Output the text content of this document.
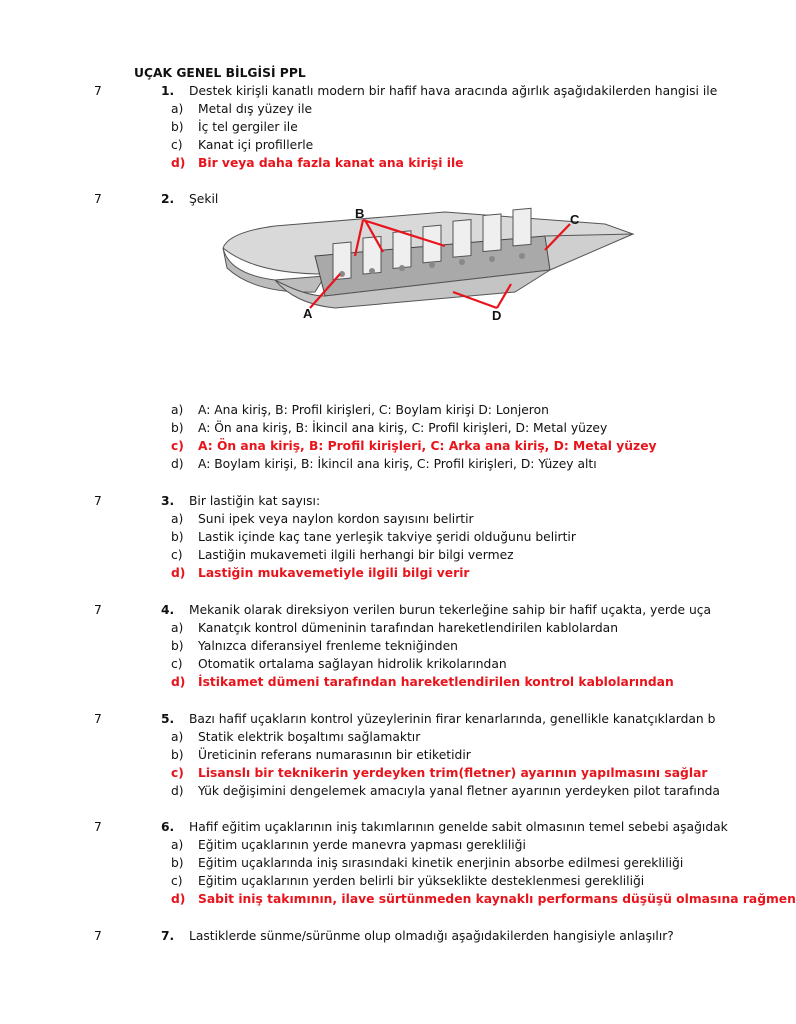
UÇAK GENEL BİLGİSİ PPL
7	1. Destek kirişli kanatlı modern bir hafif hava aracında ağırlık aşağıdakilerden hangisi ile
a) Metal dış yüzey ile
b) İç tel gergiler ile
c) Kanat içi profillerle
d) Bir veya daha fazla kanat ana kirişi ile
7	2. Şekil
B	C
A	D
a) A: Ana kiriş, B: Profil kirişleri, C: Boylam kirişi D: Lonjeron
b) A: Ön ana kiriş, B: İkincil ana kiriş, C: Profil kirişleri, D: Metal yüzey
c) A: Ön ana kiriş, B: Profil kirişleri, C: Arka ana kiriş, D: Metal yüzey
d) A: Boylam kirişi, B: İkincil ana kiriş, C: Profil kirişleri, D: Yüzey altı
7	3. Bir lastiğin kat sayısı:
a) Suni ipek veya naylon kordon sayısını belirtir
b) Lastik içinde kaç tane yerleşik takviye şeridi olduğunu belirtir
c) Lastiğin mukavemeti ilgili herhangi bir bilgi vermez
d) Lastiğin mukavemetiyle ilgili bilgi verir
7	4. Mekanik olarak direksiyon verilen burun tekerleğine sahip bir hafif uçakta, yerde uça
a) Kanatçık kontrol dümeninin tarafından hareketlendirilen kablolardan
b) Yalnızca diferansiyel frenleme tekniğinden
c) Otomatik ortalama sağlayan hidrolik krikolarından
d) İstikamet dümeni tarafından hareketlendirilen kontrol kablolarından
7	5. Bazı hafif uçakların kontrol yüzeylerinin firar kenarlarında, genellikle kanatçıklardan b
a) Statik elektrik boşaltımı sağlamaktır
b) Üreticinin referans numarasının bir etiketidir
c) Lisanslı bir teknikerin yerdeyken trim(fletner) ayarının yapılmasını sağlar
d) Yük değişimini dengelemek amacıyla yanal fletner ayarının yerdeyken pilot tarafında
7	6. Hafif eğitim uçaklarının iniş takımlarının genelde sabit olmasının temel sebebi aşağıdak
a) Eğitim uçaklarının yerde manevra yapması gerekliliği
b) Eğitim uçaklarında iniş sırasındaki kinetik enerjinin absorbe edilmesi gerekliliği
c) Eğitim uçaklarının yerden belirli bir yükseklikte desteklenmesi gerekliliği
d) Sabit iniş takımının, ilave sürtünmeden kaynaklı performans düşüşü olmasına rağmen
7	7. Lastiklerde sünme/sürünme olup olmadığı aşağıdakilerden hangisiyle anlaşılır?
